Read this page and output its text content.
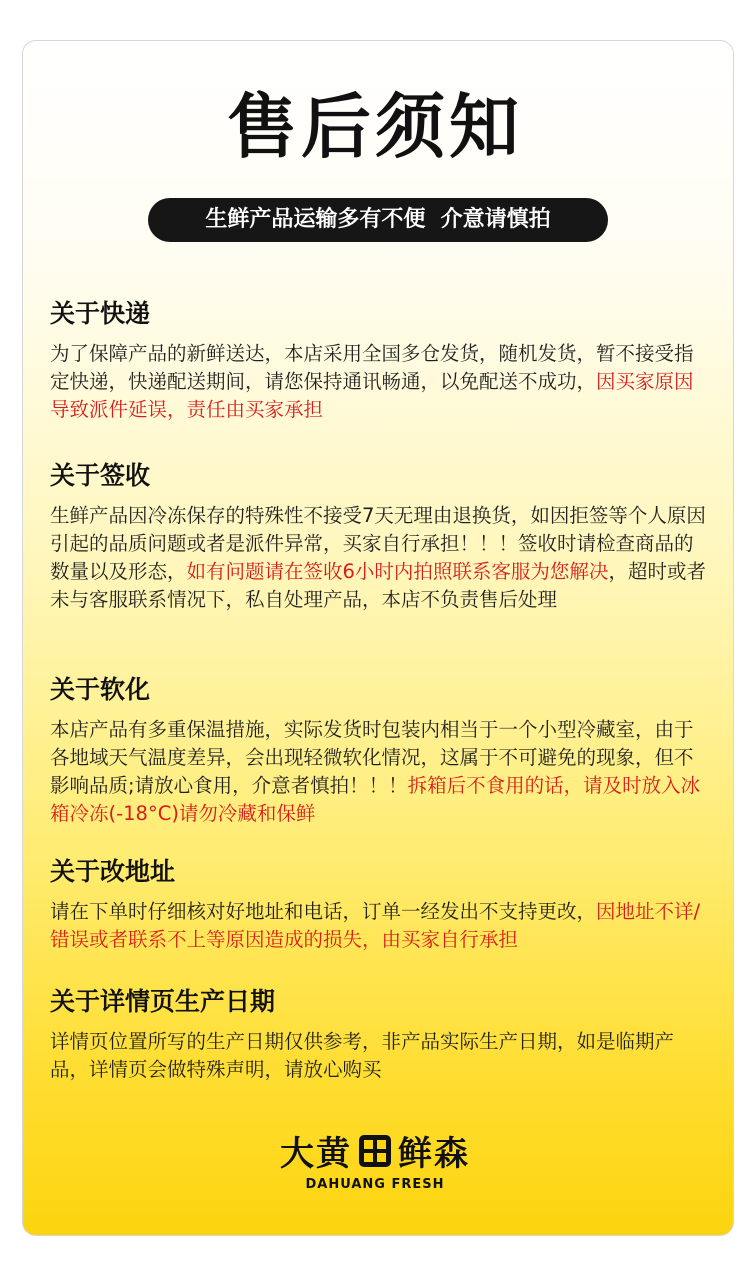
售后须知
生鲜产品运输多有不便  介意请慎拍
关于快递

为了保障产品的新鲜送达，本店采用全国多仓发货，随机发货，暂不接受指定快递，快递配送期间，请您保持通讯畅通，以免配送不成功，因买家原因导致派件延误，责任由买家承担

关于签收

生鲜产品因冷冻保存的特殊性不接受7天无理由退换货，如因拒签等个人原因引起的品质问题或者是派件异常，买家自行承担！！！签收时请检查商品的数量以及形态，如有问题请在签收6小时内拍照联系客服为您解决，超时或者未与客服联系情况下，私自处理产品，本店不负责售后处理

关于软化

本店产品有多重保温措施，实际发货时包装内相当于一个小型冷藏室，由于各地域天气温度差异，会出现轻微软化情况，这属于不可避免的现象，但不影响品质;请放心食用，介意者慎拍！！！拆箱后不食用的话，请及时放入冰箱冷冻(-18°C)请勿冷藏和保鲜

关于改地址

请在下单时仔细核对好地址和电话，订单一经发出不支持更改，因地址不详/错误或者联系不上等原因造成的损失，由买家自行承担

关于详情页生产日期

详情页位置所写的生产日期仅供参考，非产品实际生产日期，如是临期产品，详情页会做特殊声明，请放心购买

大黄 鲜森
DAHUANG FRESH
